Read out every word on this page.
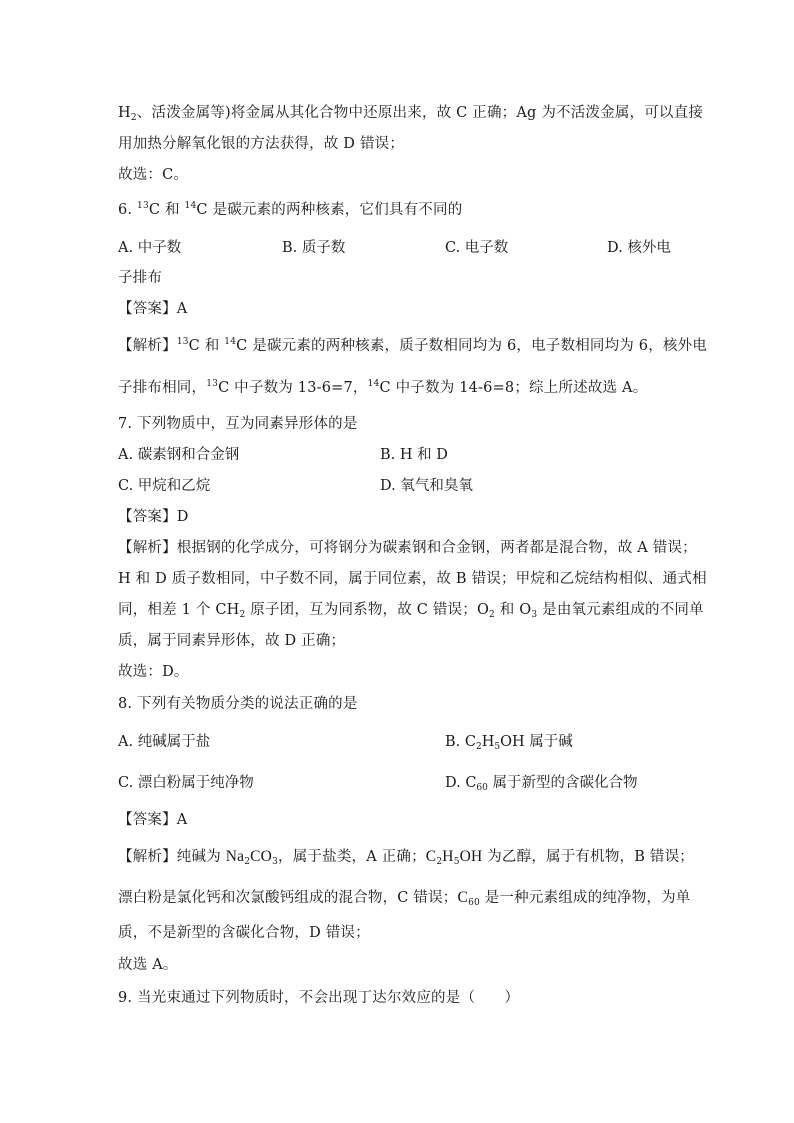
$H_2$、活泼金属等)将金属从其化合物中还原出来，故 C 正确；Ag 为不活泼金属，可以直接
用加热分解氧化银的方法获得，故 D 错误；
故选：C。
6. $^{13}$C 和 $^{14}$C 是碳元素的两种核素，它们具有不同的
A. 中子数	B. 质子数	C. 电子数	D. 核外电
子排布
【答案】A
【解析】$^{13}$C 和 $^{14}$C 是碳元素的两种核素，质子数相同均为 6，电子数相同均为 6，核外电
子排布相同，$^{13}$C 中子数为 13-6=7，$^{14}$C 中子数为 14-6=8；综上所述故选 A。
7. 下列物质中，互为同素异形体的是
A. 碳素钢和合金钢	B. H 和 D
C. 甲烷和乙烷	D. 氧气和臭氧
【答案】D
【解析】根据钢的化学成分，可将钢分为碳素钢和合金钢，两者都是混合物，故 A 错误；
H 和 D 质子数相同，中子数不同，属于同位素，故 B 错误；甲烷和乙烷结构相似、通式相
同，相差 1 个 $CH_2$ 原子团，互为同系物，故 C 错误；$O_2$ 和 $O_3$ 是由氧元素组成的不同单
质，属于同素异形体，故 D 正确；
故选：D。
8. 下列有关物质分类的说法正确的是
A. 纯碱属于盐	B. $C_2H_5OH$ 属于碱
C. 漂白粉属于纯净物	D. $C_{60}$ 属于新型的含碳化合物
【答案】A
【解析】纯碱为 $Na_2CO_3$，属于盐类，A 正确；$C_2H_5OH$ 为乙醇，属于有机物，B 错误；
漂白粉是氯化钙和次氯酸钙组成的混合物，C 错误；$C_{60}$ 是一种元素组成的纯净物，为单
质，不是新型的含碳化合物，D 错误；
故选 A。
9. 当光束通过下列物质时，不会出现丁达尔效应的是（　　）
